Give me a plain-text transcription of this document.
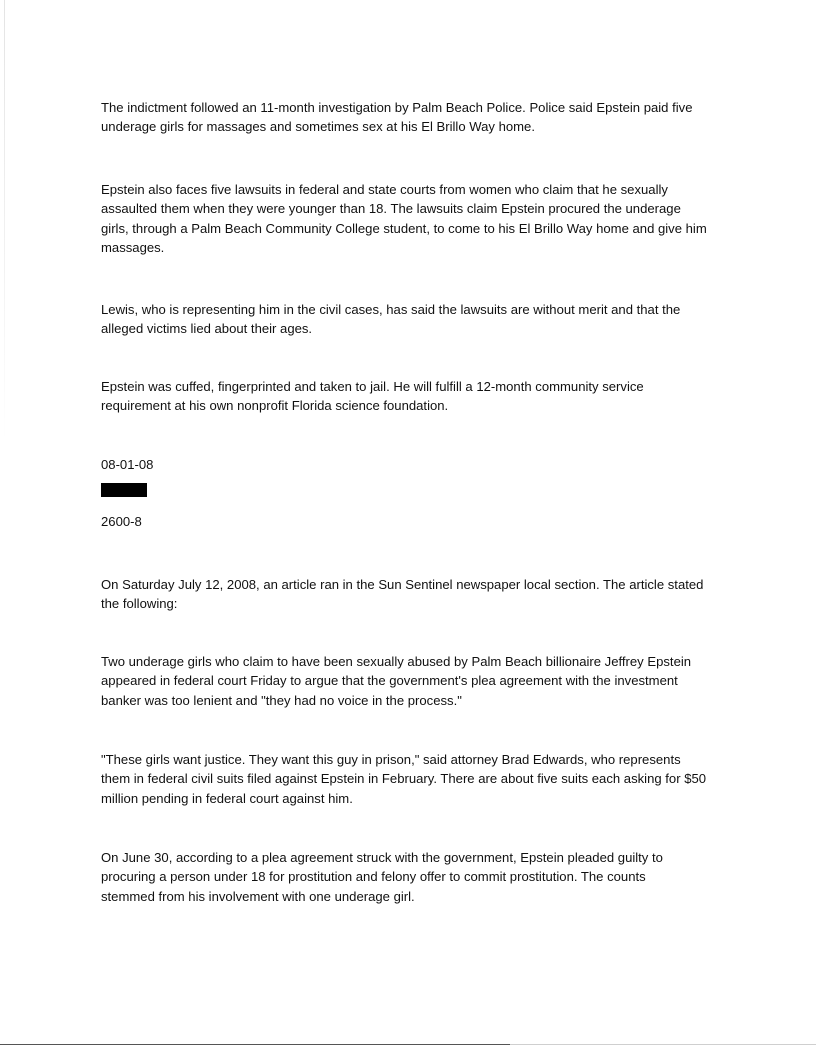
The indictment followed an 11-month investigation by Palm Beach Police. Police said Epstein paid five
underage girls for massages and sometimes sex at his El Brillo Way home.

Epstein also faces five lawsuits in federal and state courts from women who claim that he sexually
assaulted them when they were younger than 18. The lawsuits claim Epstein procured the underage
girls, through a Palm Beach Community College student, to come to his El Brillo Way home and give him
massages.

Lewis, who is representing him in the civil cases, has said the lawsuits are without merit and that the
alleged victims lied about their ages.

Epstein was cuffed, fingerprinted and taken to jail. He will fulfill a 12-month community service
requirement at his own nonprofit Florida science foundation.

08-01-08

2600-8

On Saturday July 12, 2008, an article ran in the Sun Sentinel newspaper local section. The article stated
the following:

Two underage girls who claim to have been sexually abused by Palm Beach billionaire Jeffrey Epstein
appeared in federal court Friday to argue that the government's plea agreement with the investment
banker was too lenient and "they had no voice in the process."

"These girls want justice. They want this guy in prison," said attorney Brad Edwards, who represents
them in federal civil suits filed against Epstein in February. There are about five suits each asking for $50
million pending in federal court against him.

On June 30, according to a plea agreement struck with the government, Epstein pleaded guilty to
procuring a person under 18 for prostitution and felony offer to commit prostitution. The counts
stemmed from his involvement with one underage girl.
